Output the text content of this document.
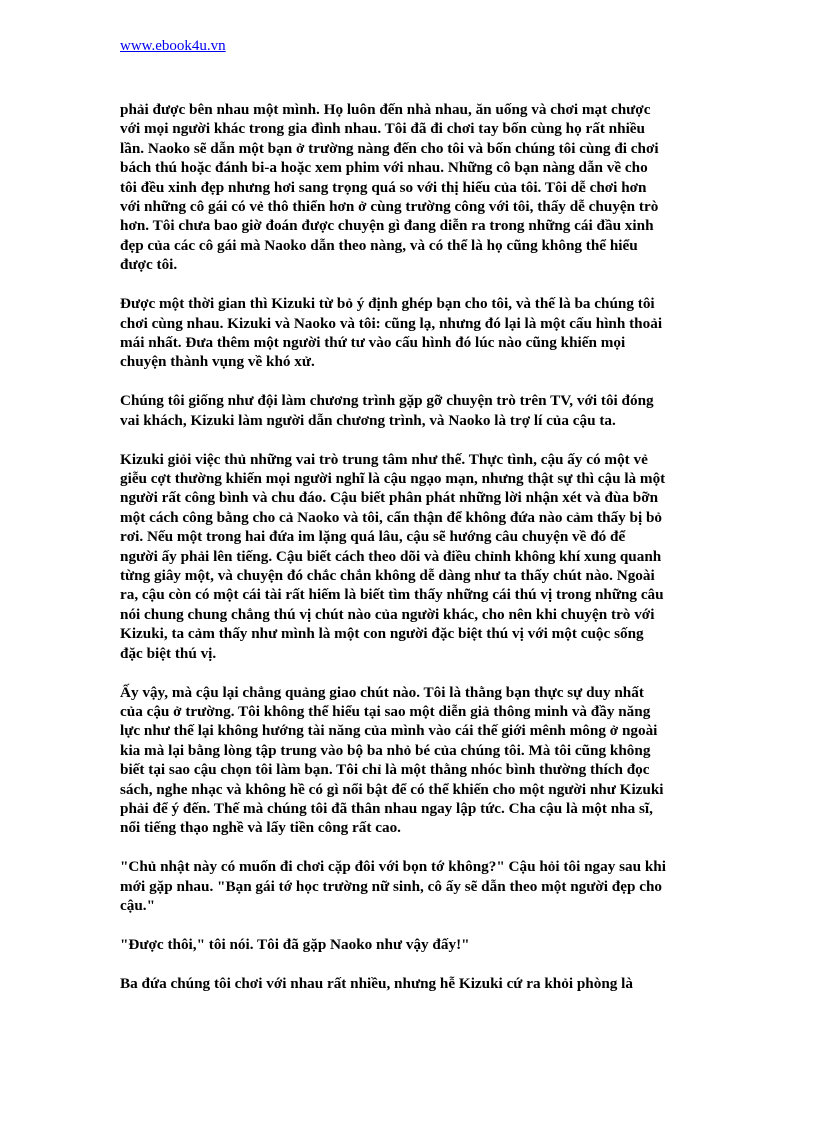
www.ebook4u.vn

phải được bên nhau một mình. Họ luôn đến nhà nhau, ăn uống và chơi mạt chược
với mọi người khác trong gia đình nhau. Tôi đã đi chơi tay bốn cùng họ rất nhiều
lần. Naoko sẽ dẫn một bạn ở trường nàng đến cho tôi và bốn chúng tôi cùng đi chơi
bách thú hoặc đánh bi-a hoặc xem phim với nhau. Những cô bạn nàng dẫn về cho
tôi đều xinh đẹp nhưng hơi sang trọng quá so với thị hiếu của tôi. Tôi dễ chơi hơn
với những cô gái có vẻ thô thiển hơn ở cùng trường công với tôi, thấy dễ chuyện trò
hơn. Tôi chưa bao giờ đoán được chuyện gì đang diễn ra trong những cái đầu xinh
đẹp của các cô gái mà Naoko dẫn theo nàng, và có thể là họ cũng không thể hiểu
được tôi.

Được một thời gian thì Kizuki từ bỏ ý định ghép bạn cho tôi, và thế là ba chúng tôi
chơi cùng nhau. Kizuki và Naoko và tôi: cũng lạ, nhưng đó lại là một cấu hình thoải
mái nhất. Đưa thêm một người thứ tư vào cấu hình đó lúc nào cũng khiến mọi
chuyện thành vụng về khó xử.

Chúng tôi giống như đội làm chương trình gặp gỡ chuyện trò trên TV, với tôi đóng
vai khách, Kizuki làm người dẫn chương trình, và Naoko là trợ lí của cậu ta.

Kizuki giỏi việc thủ những vai trò trung tâm như thế. Thực tình, cậu ấy có một vẻ
giễu cợt thường khiến mọi người nghĩ là cậu ngạo mạn, nhưng thật sự thì cậu là một
người rất công bình và chu đáo. Cậu biết phân phát những lời nhận xét và đùa bỡn
một cách công bằng cho cả Naoko và tôi, cẩn thận để không đứa nào cảm thấy bị bỏ
rơi. Nếu một trong hai đứa im lặng quá lâu, cậu sẽ hướng câu chuyện về đó để
người ấy phải lên tiếng. Cậu biết cách theo dõi và điều chỉnh không khí xung quanh
từng giây một, và chuyện đó chắc chắn không dễ dàng như ta thấy chút nào. Ngoài
ra, cậu còn có một cái tài rất hiếm là biết tìm thấy những cái thú vị trong những câu
nói chung chung chẳng thú vị chút nào của người khác, cho nên khi chuyện trò với
Kizuki, ta cảm thấy như mình là một con người đặc biệt thú vị với một cuộc sống
đặc biệt thú vị.

Ấy vậy, mà cậu lại chẳng quảng giao chút nào. Tôi là thằng bạn thực sự duy nhất
của cậu ở trường. Tôi không thể hiểu tại sao một diễn giả thông minh và đầy năng
lực như thế lại không hướng tài năng của mình vào cái thế giới mênh mông ở ngoài
kia mà lại bằng lòng tập trung vào bộ ba nhỏ bé của chúng tôi. Mà tôi cũng không
biết tại sao cậu chọn tôi làm bạn. Tôi chỉ là một thằng nhóc bình thường thích đọc
sách, nghe nhạc và không hề có gì nổi bật để có thể khiến cho một người như Kizuki
phải để ý đến. Thế mà chúng tôi đã thân nhau ngay lập tức. Cha cậu là một nha sĩ,
nổi tiếng thạo nghề và lấy tiền công rất cao.

"Chủ nhật này có muốn đi chơi cặp đôi với bọn tớ không?" Cậu hỏi tôi ngay sau khi
mới gặp nhau. "Bạn gái tớ học trường nữ sinh, cô ấy sẽ dẫn theo một người đẹp cho
cậu."

"Được thôi," tôi nói. Tôi đã gặp Naoko như vậy đấy!"

Ba đứa chúng tôi chơi với nhau rất nhiều, nhưng hễ Kizuki cứ ra khỏi phòng là
